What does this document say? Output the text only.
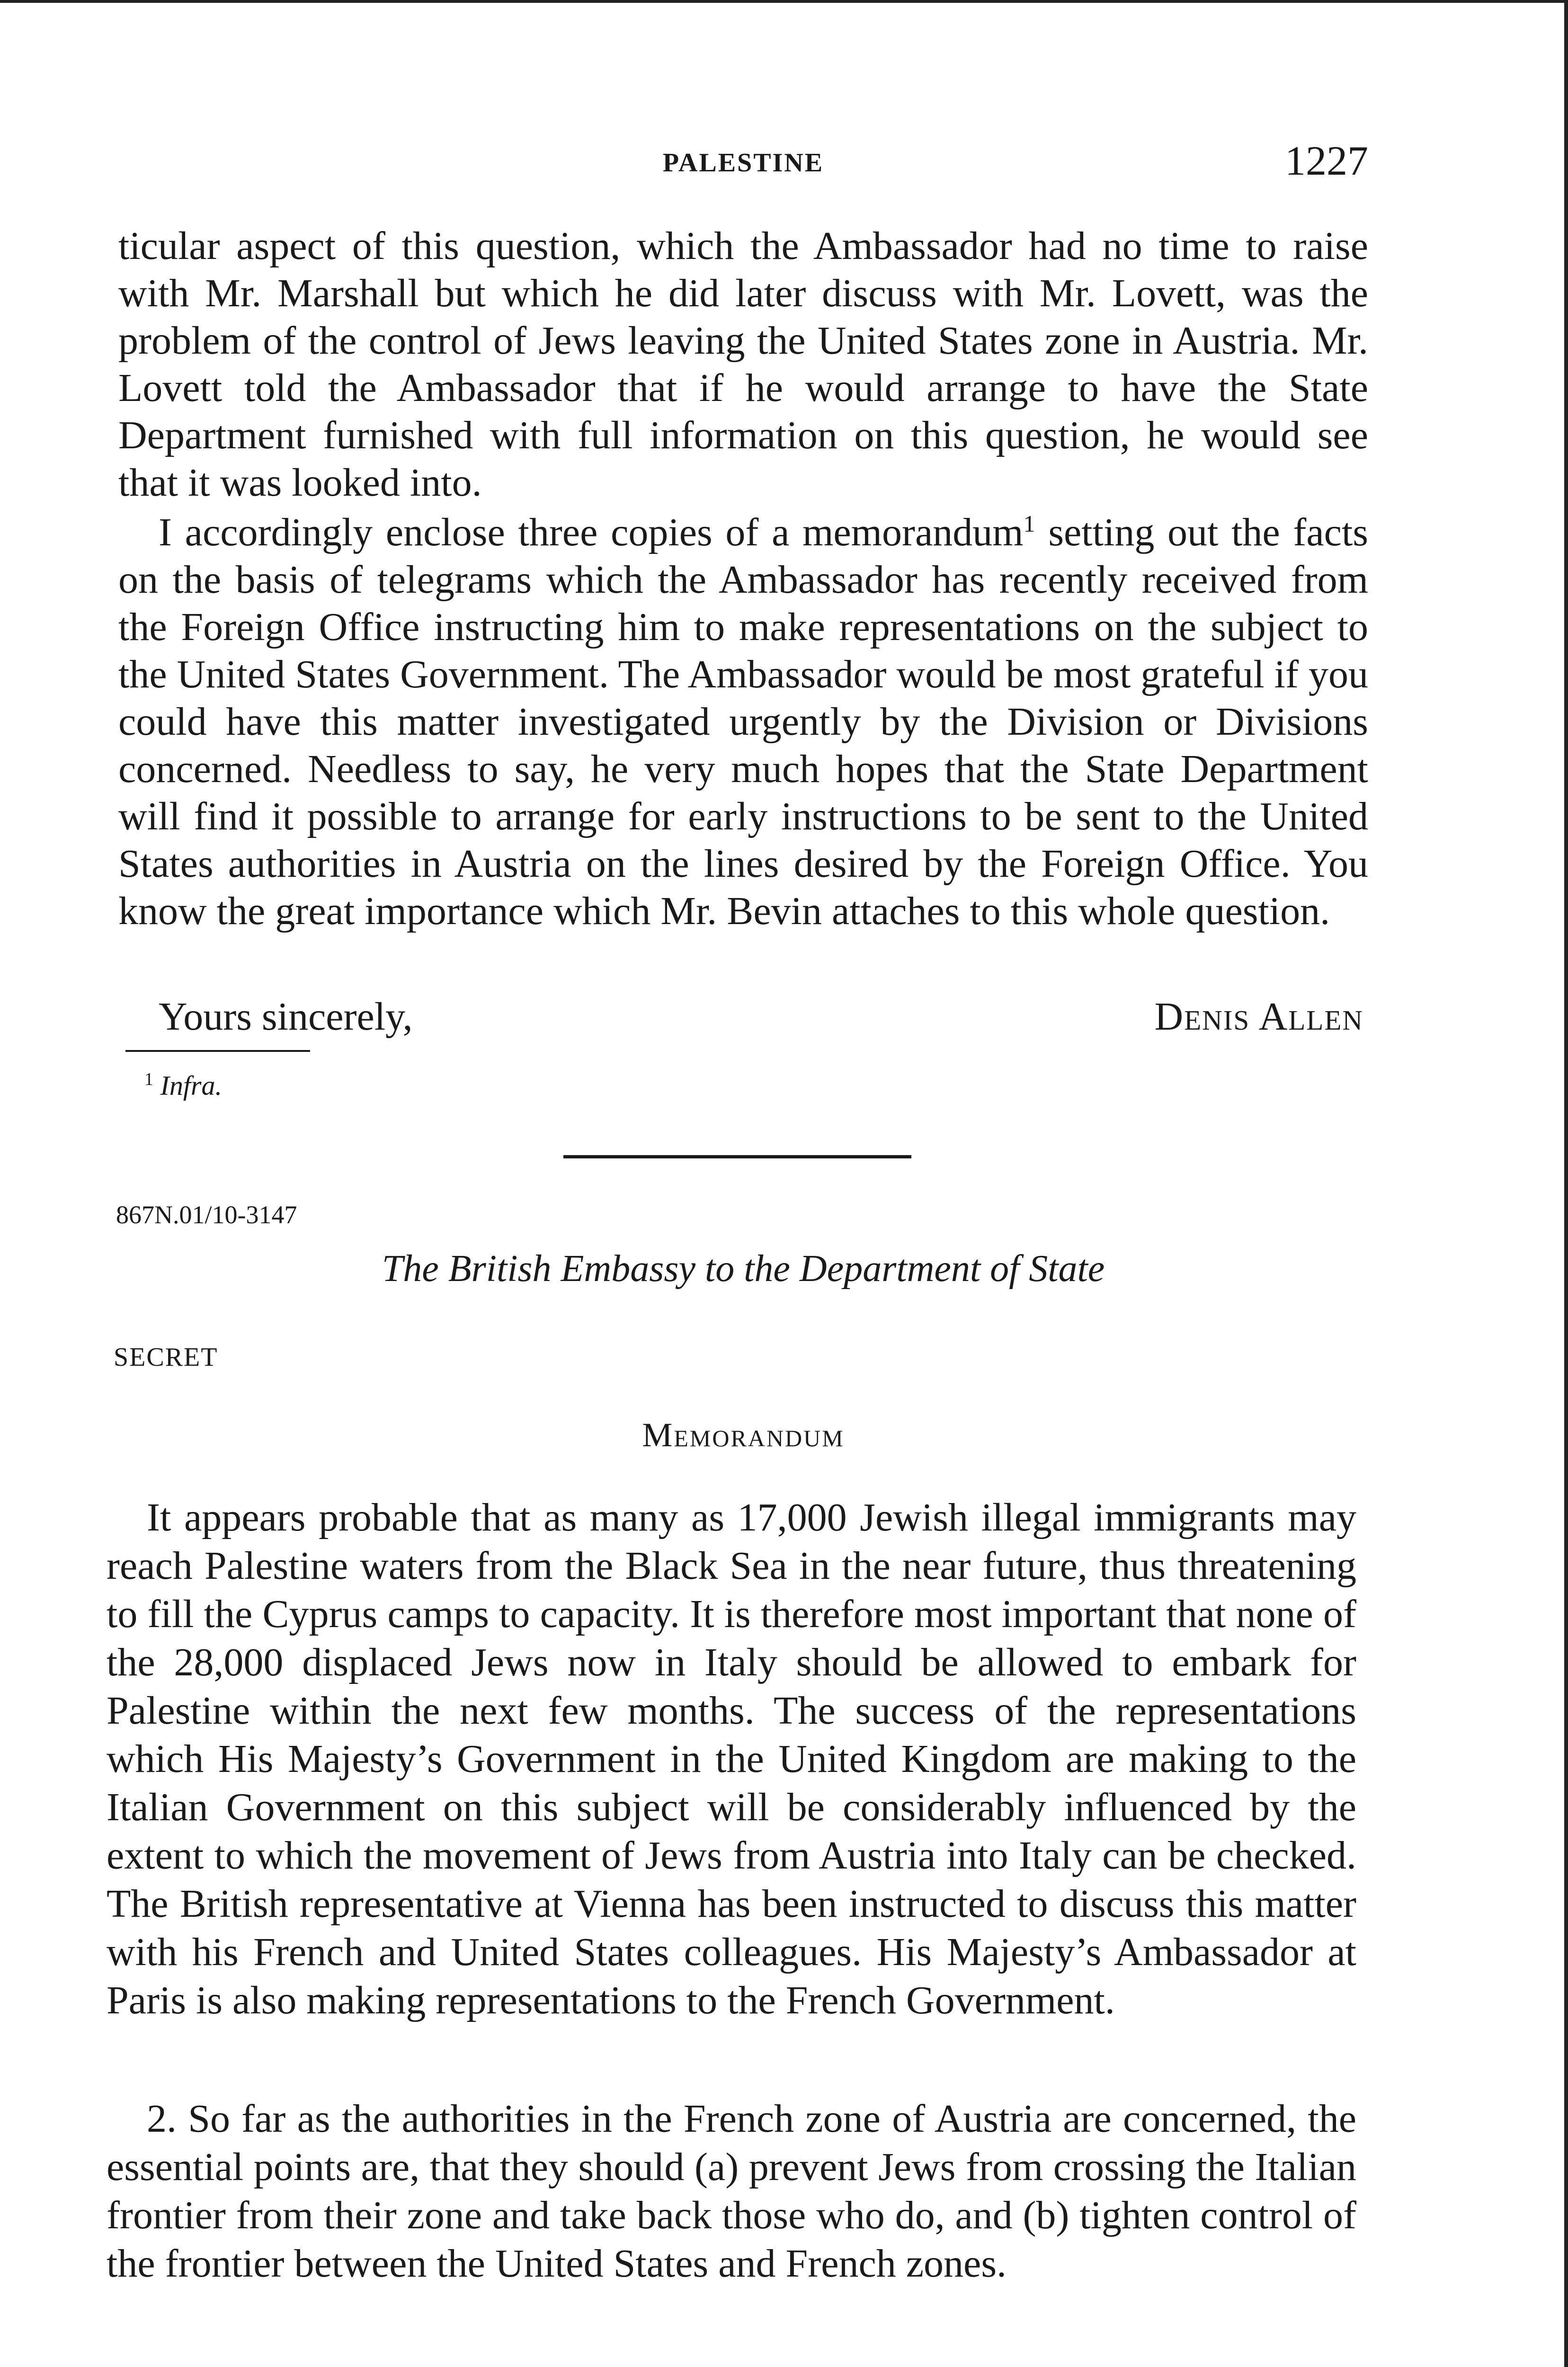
PALESTINE	1227

ticular aspect of this question, which the Ambassador had no time to raise with Mr. Marshall but which he did later discuss with Mr. Lovett, was the problem of the control of Jews leaving the United States zone in Austria. Mr. Lovett told the Ambassador that if he would arrange to have the State Department furnished with full information on this question, he would see that it was looked into.

I accordingly enclose three copies of a memorandum$^1$ setting out the facts on the basis of telegrams which the Ambassador has recently received from the Foreign Office instructing him to make representations on the subject to the United States Government. The Ambassador would be most grateful if you could have this matter investigated urgently by the Division or Divisions concerned. Needless to say, he very much hopes that the State Department will find it possible to arrange for early instructions to be sent to the United States authorities in Austria on the lines desired by the Foreign Office. You know the great importance which Mr. Bevin attaches to this whole question.

Yours sincerely,	Denis Allen
$^1$ Infra.
867N.01/10-3147
The British Embassy to the Department of State
SECRET
Memorandum

It appears probable that as many as 17,000 Jewish illegal immigrants may reach Palestine waters from the Black Sea in the near future, thus threatening to fill the Cyprus camps to capacity. It is therefore most important that none of the 28,000 displaced Jews now in Italy should be allowed to embark for Palestine within the next few months. The success of the representations which His Majesty’s Government in the United Kingdom are making to the Italian Government on this subject will be considerably influenced by the extent to which the movement of Jews from Austria into Italy can be checked. The British representative at Vienna has been instructed to discuss this matter with his French and United States colleagues. His Majesty’s Ambassador at Paris is also making representations to the French Government.

2. So far as the authorities in the French zone of Austria are concerned, the essential points are, that they should (a) prevent Jews from crossing the Italian frontier from their zone and take back those who do, and (b) tighten control of the frontier between the United States and French zones.
